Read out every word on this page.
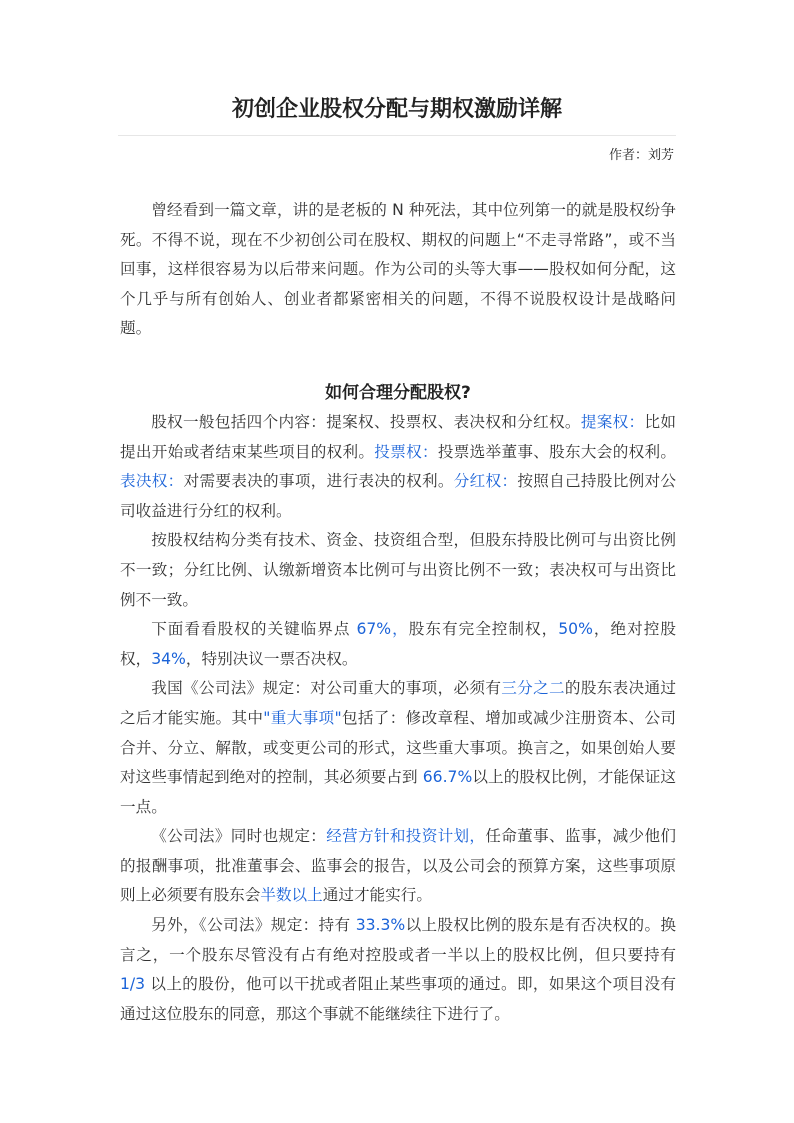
初创企业股权分配与期权激励详解
作者：刘芳

曾经看到一篇文章，讲的是老板的 N 种死法，其中位列第一的就是股权纷争死。不得不说，现在不少初创公司在股权、期权的问题上“不走寻常路”，或不当回事，这样很容易为以后带来问题。作为公司的头等大事——股权如何分配，这个几乎与所有创始人、创业者都紧密相关的问题，不得不说股权设计是战略问题。

如何合理分配股权?

股权一般包括四个内容：提案权、投票权、表决权和分红权。提案权：比如提出开始或者结束某些项目的权利。投票权：投票选举董事、股东大会的权利。表决权：对需要表决的事项，进行表决的权利。分红权：按照自己持股比例对公司收益进行分红的权利。

按股权结构分类有技术、资金、技资组合型，但股东持股比例可与出资比例不一致；分红比例、认缴新增资本比例可与出资比例不一致；表决权可与出资比例不一致。

下面看看股权的关键临界点 67%，股东有完全控制权，50%，绝对控股权，34%，特别决议一票否决权。

我国《公司法》规定：对公司重大的事项，必须有三分之二的股东表决通过之后才能实施。其中"重大事项"包括了：修改章程、增加或减少注册资本、公司合并、分立、解散，或变更公司的形式，这些重大事项。换言之，如果创始人要对这些事情起到绝对的控制，其必须要占到 66.7%以上的股权比例，才能保证这一点。

《公司法》同时也规定：经营方针和投资计划，任命董事、监事，减少他们的报酬事项，批准董事会、监事会的报告，以及公司会的预算方案，这些事项原则上必须要有股东会半数以上通过才能实行。

另外，《公司法》规定：持有 33.3%以上股权比例的股东是有否决权的。换言之，一个股东尽管没有占有绝对控股或者一半以上的股权比例，但只要持有 1/3 以上的股份，他可以干扰或者阻止某些事项的通过。即，如果这个项目没有通过这位股东的同意，那这个事就不能继续往下进行了。
